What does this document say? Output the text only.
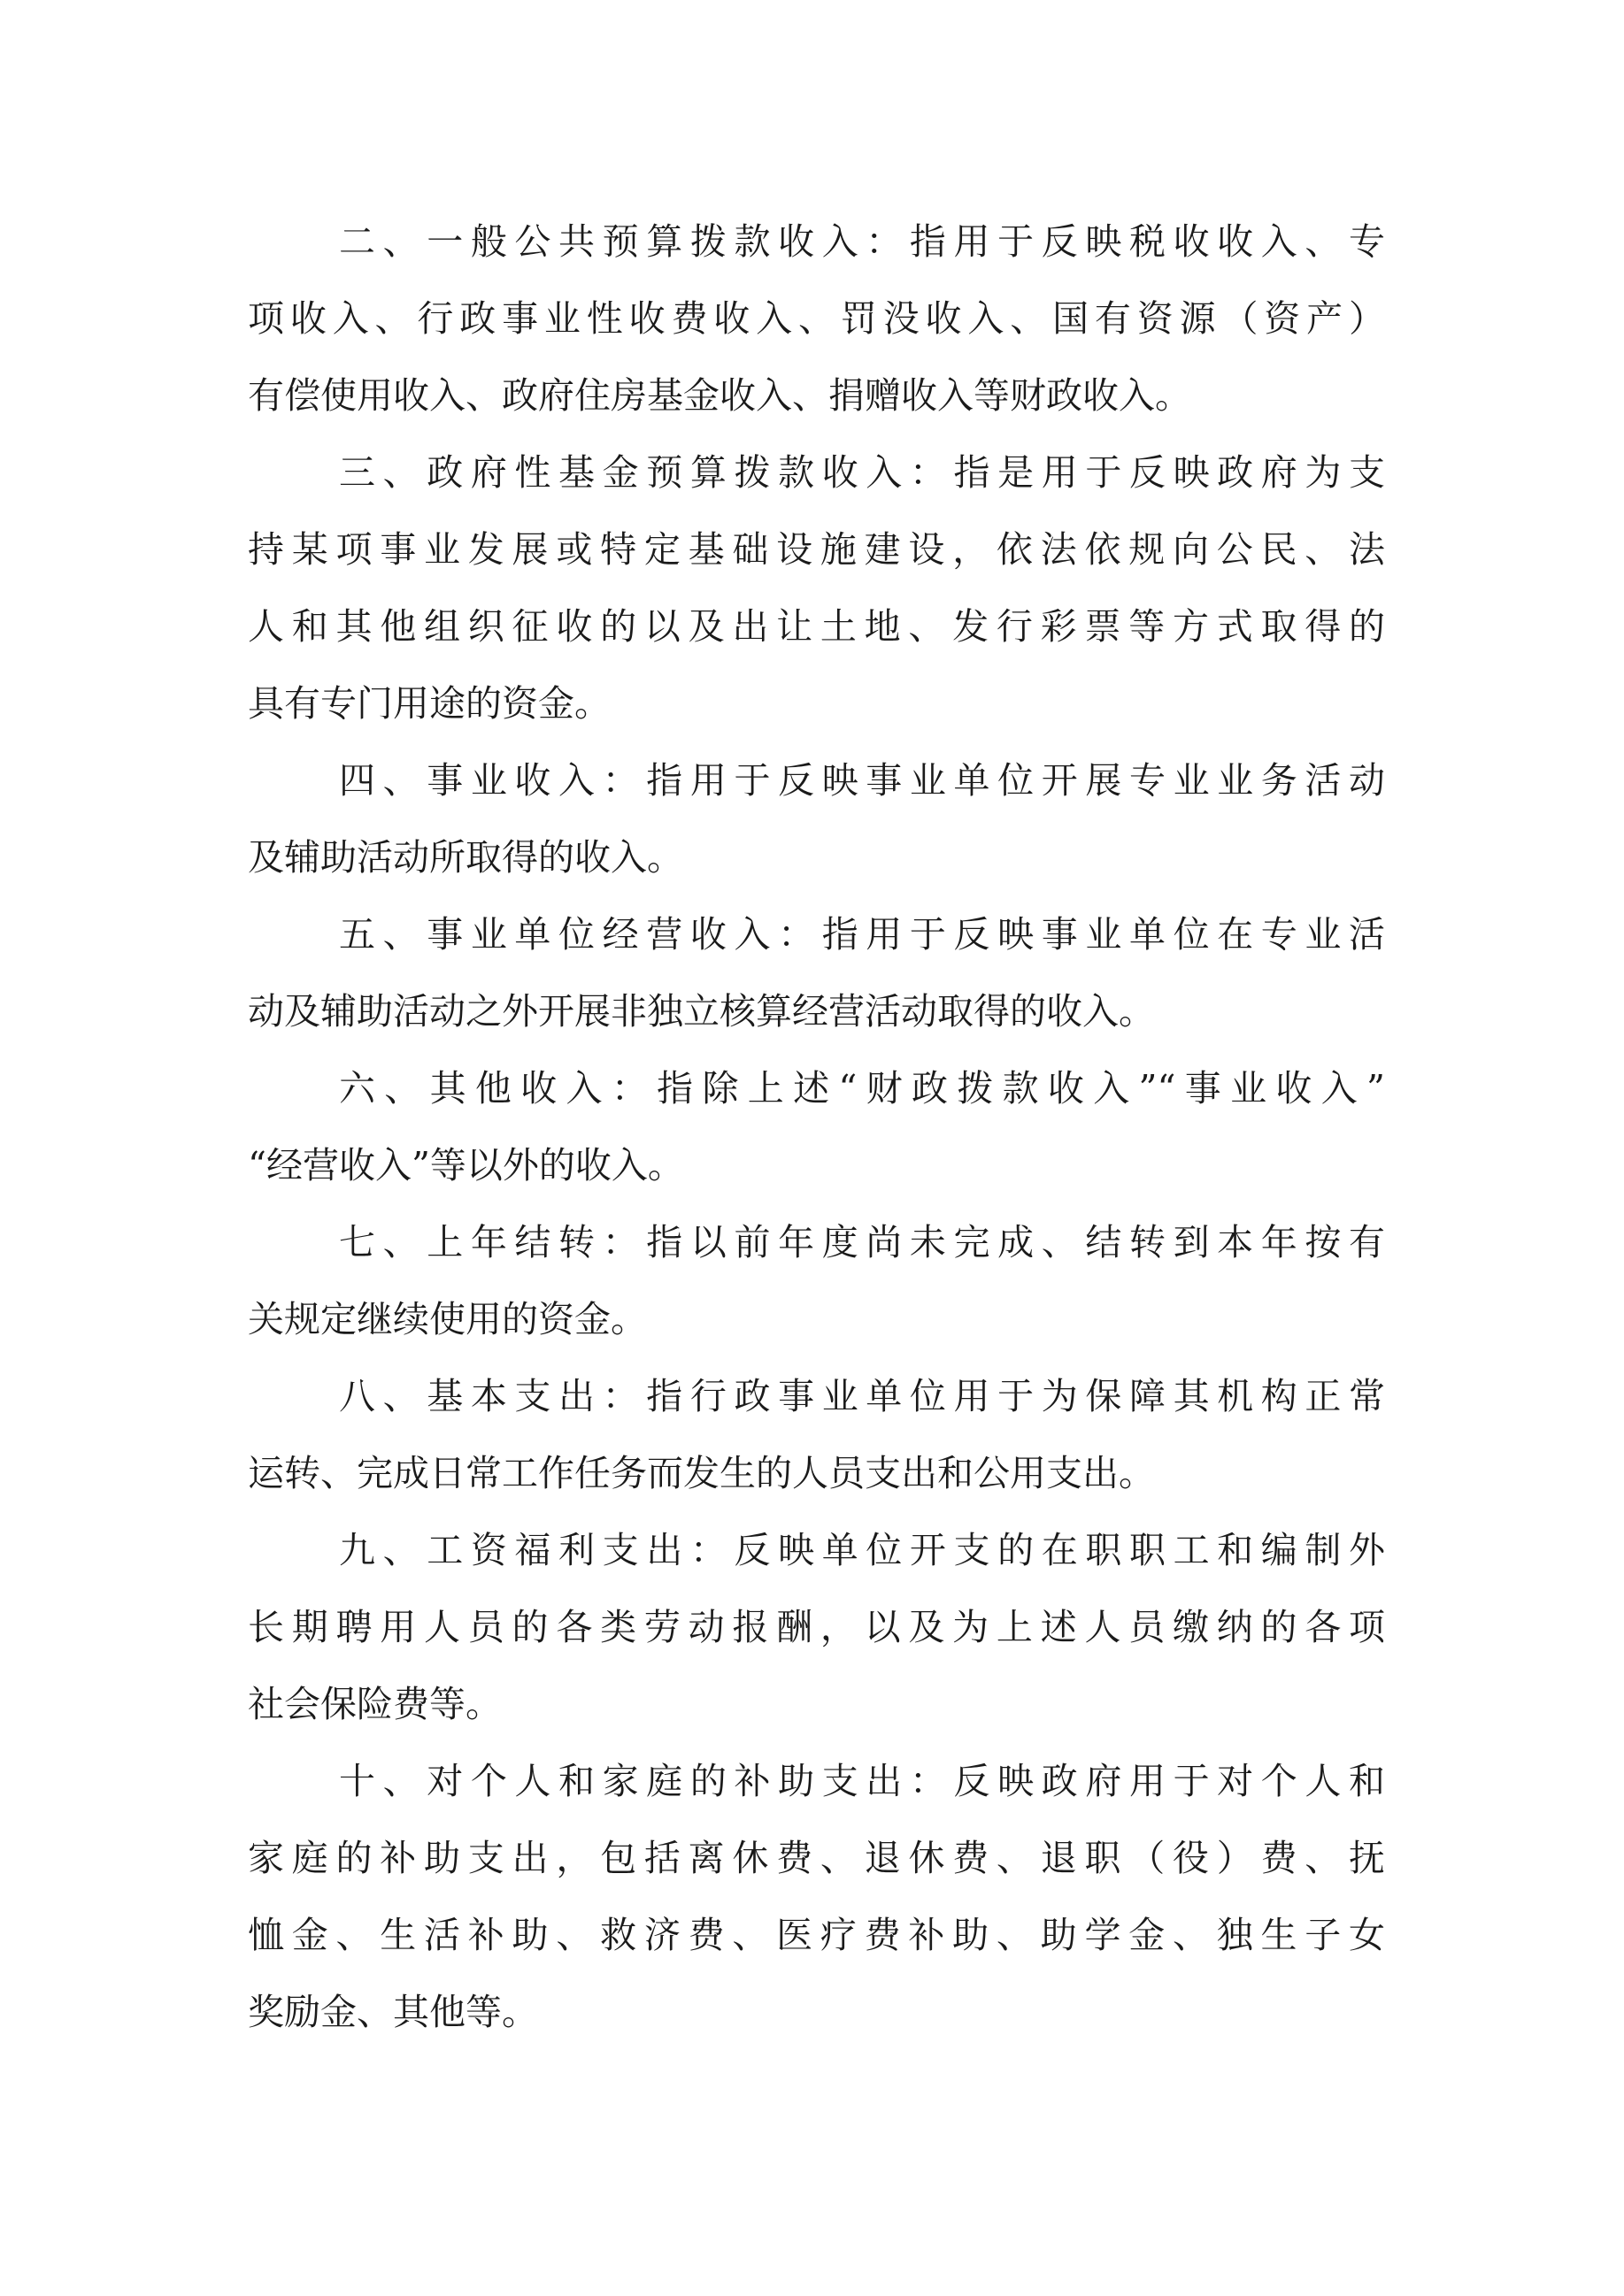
二、一般公共预算拨款收入：指用于反映税收收入、专
项收入、行政事业性收费收入、罚没收入、国有资源（资产）
有偿使用收入、政府住房基金收入、捐赠收入等财政收入。
三、政府性基金预算拨款收入：指是用于反映政府为支
持某项事业发展或特定基础设施建设，依法依规向公民、法
人和其他组织征收的以及出让土地、发行彩票等方式取得的
具有专门用途的资金。
四、事业收入：指用于反映事业单位开展专业业务活动
及辅助活动所取得的收入。
五、事业单位经营收入：指用于反映事业单位在专业活
动及辅助活动之外开展非独立核算经营活动取得的收入。
六、其他收入：指除上述“财政拨款收入”“事业收入”
“经营收入”等以外的收入。
七、上年结转：指以前年度尚未完成、结转到本年按有
关规定继续使用的资金。
八、基本支出：指行政事业单位用于为保障其机构正常
运转、完成日常工作任务而发生的人员支出和公用支出。
九、工资福利支出：反映单位开支的在职职工和编制外
长期聘用人员的各类劳动报酬，以及为上述人员缴纳的各项
社会保险费等。
十、对个人和家庭的补助支出：反映政府用于对个人和
家庭的补助支出，包括离休费、退休费、退职（役）费、抚
恤金、生活补助、救济费、医疗费补助、助学金、独生子女
奖励金、其他等。
